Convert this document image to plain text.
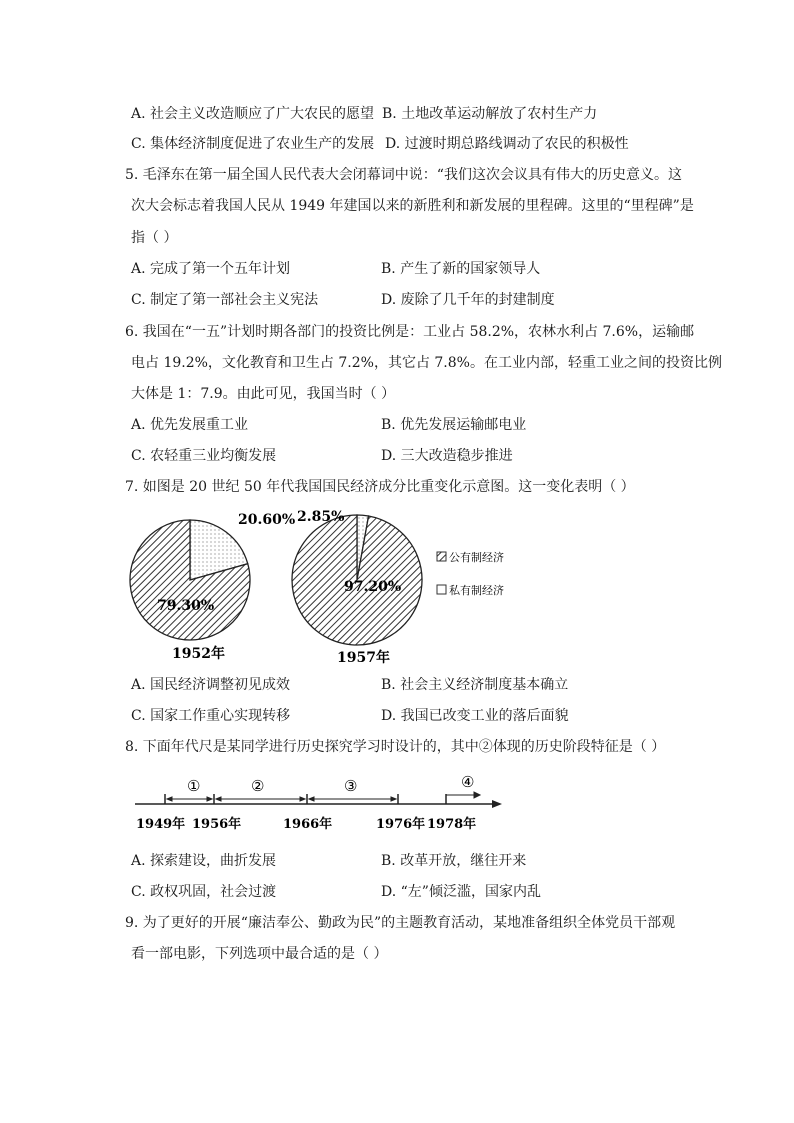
A. 社会主义改造顺应了广大农民的愿望 B. 土地改革运动解放了农村生产力
C. 集体经济制度促进了农业生产的发展 D. 过渡时期总路线调动了农民的积极性
5. 毛泽东在第一届全国人民代表大会闭幕词中说：“我们这次会议具有伟大的历史意义。这
次大会标志着我国人民从 1949 年建国以来的新胜利和新发展的里程碑。这里的“里程碑”是
指（ ）
A. 完成了第一个五年计划	B. 产生了新的国家领导人
C. 制定了第一部社会主义宪法	D. 废除了几千年的封建制度
6. 我国在“一五”计划时期各部门的投资比例是：工业占 58.2%，农林水利占 7.6%，运输邮
电占 19.2%，文化教育和卫生占 7.2%，其它占 7.8%。在工业内部，轻重工业之间的投资比例
大体是 1：7.9。由此可见，我国当时（ ）
A. 优先发展重工业	B. 优先发展运输邮电业
C. 农轻重三业均衡发展	D. 三大改造稳步推进
7. 如图是 20 世纪 50 年代我国国民经济成分比重变化示意图。这一变化表明（ ）
20.60%
79.30%
1952年
2.85%
97.20%
1957年
公有制经济
私有制经济
A. 国民经济调整初见成效	B. 社会主义经济制度基本确立
C. 国家工作重心实现转移	D. 我国已改变工业的落后面貌
8. 下面年代尺是某同学进行历史探究学习时设计的，其中②体现的历史阶段特征是（ ）
①	②	③	④
1949年 1956年	1966年	1976年 1978年
A. 探索建设，曲折发展	B. 改革开放，继往开来
C. 政权巩固，社会过渡	D. “左”倾泛滥，国家内乱
9. 为了更好的开展“廉洁奉公、勤政为民”的主题教育活动，某地准备组织全体党员干部观
看一部电影，下列选项中最合适的是（ ）
